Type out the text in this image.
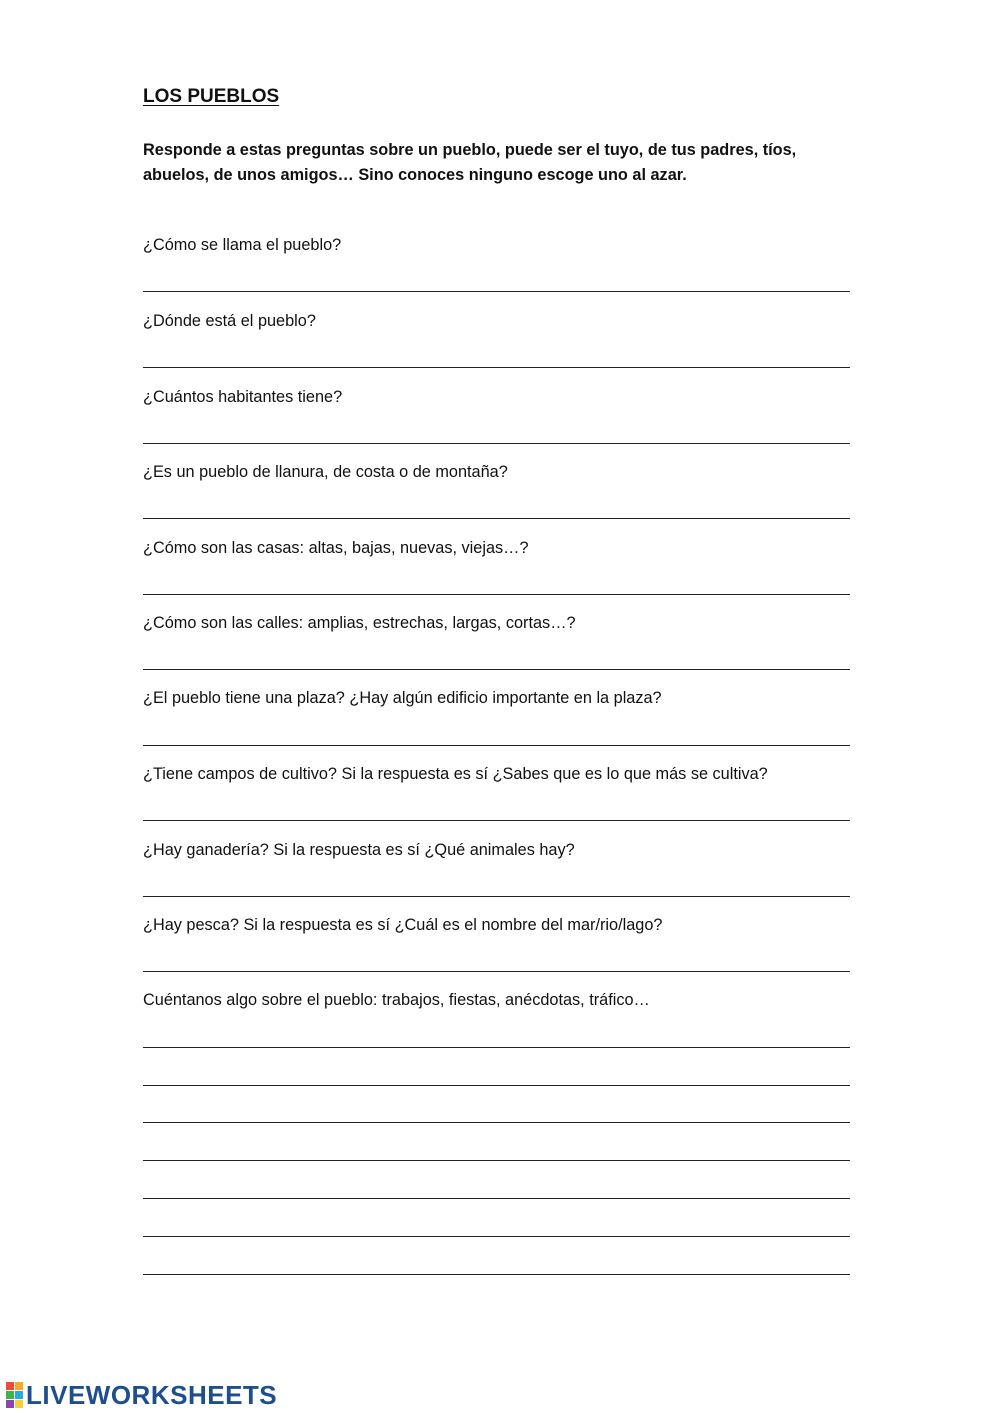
LOS PUEBLOS
Responde a estas preguntas sobre un pueblo, puede ser el tuyo, de tus padres, tíos, abuelos, de unos amigos… Sino conoces ninguno escoge uno al azar.
¿Cómo se llama el pueblo?
¿Dónde está el pueblo?
¿Cuántos habitantes tiene?
¿Es un pueblo de llanura, de costa o de montaña?
¿Cómo son las casas: altas, bajas, nuevas, viejas…?
¿Cómo son las calles: amplias, estrechas, largas, cortas…?
¿El pueblo tiene una plaza? ¿Hay algún edificio importante en la plaza?
¿Tiene campos de cultivo? Si la respuesta es sí ¿Sabes que es lo que más se cultiva?
¿Hay ganadería? Si la respuesta es sí ¿Qué animales hay?
¿Hay pesca? Si la respuesta es sí ¿Cuál es el nombre del mar/rio/lago?
Cuéntanos algo sobre el pueblo: trabajos, fiestas, anécdotas, tráfico…
LIVEWORKSHEETS
